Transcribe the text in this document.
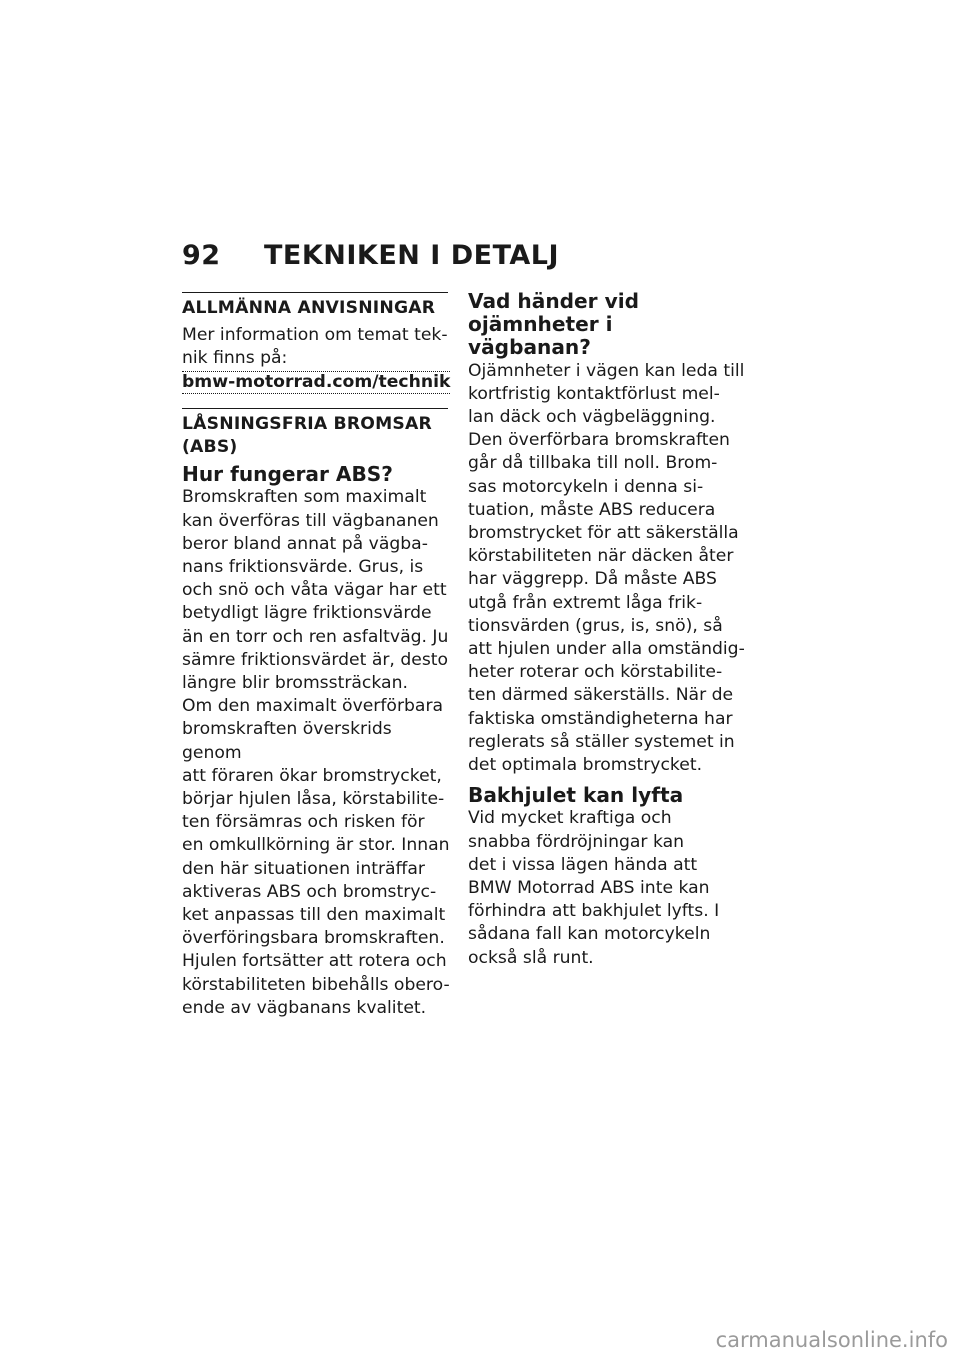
92 TEKNIKEN I DETALJ
ALLMÄNNA ANVISNINGAR
Mer information om temat tek-
nik finns på:
bmw-motorrad.com/technik
LÅSNINGSFRIA BROMSAR
(ABS)
Hur fungerar ABS?

Bromskraften som maximalt
kan överföras till vägbananen
beror bland annat på vägba-
nans friktionsvärde. Grus, is
och snö och våta vägar har ett
betydligt lägre friktionsvärde
än en torr och ren asfaltväg. Ju
sämre friktionsvärdet är, desto
längre blir bromssträckan.

Om den maximalt överförbara
bromskraften överskrids genom
att föraren ökar bromstrycket,
börjar hjulen låsa, körstabilite-
ten försämras och risken för
en omkullkörning är stor. Innan
den här situationen inträffar
aktiveras ABS och bromstryc-
ket anpassas till den maximalt
överföringsbara bromskraften.
Hjulen fortsätter att rotera och
körstabiliteten bibehålls obero-
ende av vägbanans kvalitet.

Vad händer vid ojämnheter i
vägbanan?

Ojämnheter i vägen kan leda till
kortfristig kontaktförlust mel-
lan däck och vägbeläggning.
Den överförbara bromskraften
går då tillbaka till noll. Brom-
sas motorcykeln i denna si-
tuation, måste ABS reducera
bromstrycket för att säkerställa
körstabiliteten när däcken åter
har väggrepp. Då måste ABS
utgå från extremt låga frik-
tionsvärden (grus, is, snö), så
att hjulen under alla omständig-
heter roterar och körstabilite-
ten därmed säkerställs. När de
faktiska omständigheterna har
reglerats så ställer systemet in
det optimala bromstrycket.

Bakhjulet kan lyfta

Vid mycket kraftiga och
snabba fördröjningar kan
det i vissa lägen hända att
BMW Motorrad ABS inte kan
förhindra att bakhjulet lyfts. I
sådana fall kan motorcykeln
också slå runt.

carmanualsonline.info
